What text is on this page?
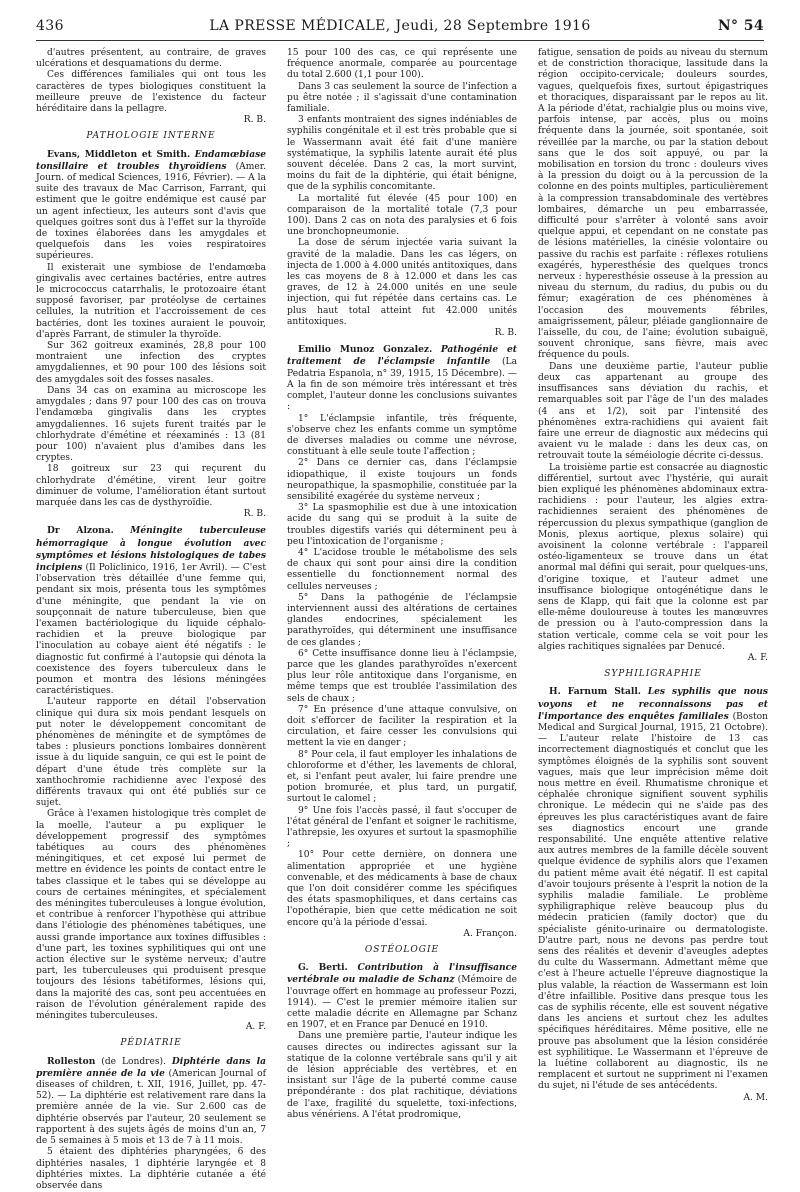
436	LA PRESSE MÉDICALE, Jeudi, 28 Septembre 1916	N° 54

d'autres présentent, au contraire, de graves ulcérations et desquamations du derme.

Ces différences familiales qui ont tous les caractères de types biologiques constituent la meilleure preuve de l'existence du facteur héréditaire dans la pellagre.

R. B.

PATHOLOGIE INTERNE

Evans, Middleton et Smith. Endamœbiase tonsillaire et troubles thyroïdiens (Amer. Journ. of medical Sciences, 1916, Février). — A la suite des travaux de Mac Carrison, Farrant, qui estiment que le goitre endémique est causé par un agent infectieux, les auteurs sont d'avis que quelques goitres sont dus à l'effet sur la thyroïde de toxines élaborées dans les amygdales et quelquefois dans les voies respiratoires supérieures.

Il existerait une symbiose de l'endamœba gingivalis avec certaines bactéries, entre autres le micrococcus catarrhalis, le protozoaire étant supposé favoriser, par protéolyse de certaines cellules, la nutrition et l'accroissement de ces bactéries, dont les toxines auraient le pouvoir, d'après Farrant, de stimuler la thyroïde.

Sur 362 goitreux examinés, 28,8 pour 100 montraient une infection des cryptes amygdaliennes, et 90 pour 100 des lésions soit des amygdales soit des fosses nasales.

Dans 34 cas on examina au microscope les amygdales ; dans 97 pour 100 des cas on trouva l'endamœba gingivalis dans les cryptes amygdaliennes. 16 sujets furent traités par le chlorhydrate d'émétine et réexaminés : 13 (81 pour 100) n'avaient plus d'amibes dans les cryptes.

18 goitreux sur 23 qui reçurent du chlorhydrate d'émétine, virent leur goitre diminuer de volume, l'amélioration étant surtout marquée dans les cas de dysthyroïdie.

R. B.

Dr Alzona. Méningite tuberculeuse hémorragique à longue évolution avec symptômes et lésions histologiques de tabes incipiens (Il Policlinico, 1916, 1er Avril). — C'est l'observation très détaillée d'une femme qui, pendant six mois, présenta tous les symptômes d'une méningite, que pendant la vie on soupçonnait de nature tuberculeuse, bien que l'examen bactériologique du liquide céphalo-rachidien et la preuve biologique par l'inoculation au cobaye aient été négatifs : le diagnostic fut confirmé à l'autopsie qui dénota la coexistence des foyers tuberculeux dans le poumon et montra des lésions méningées caractéristiques.

L'auteur rapporte en détail l'observation clinique qui dura six mois pendant lesquels on put noter le développement concomitant de phénomènes de méningite et de symptômes de tabes : plusieurs ponctions lombaires donnèrent issue à du liquide sanguin, ce qui est le point de départ d'une étude très complète sur la xanthochromie rachidienne avec l'exposé des différents travaux qui ont été publiés sur ce sujet.

Grâce à l'examen histologique très complet de la moelle, l'auteur a pu expliquer le développement progressif des symptômes tabétiques au cours des phénomènes méningitiques, et cet exposé lui permet de mettre en évidence les points de contact entre le tabes classique et le tabes qui se développe au cours de certaines méningites, et spécialement des méningites tuberculeuses à longue évolution, et contribue à renforcer l'hypothèse qui attribue dans l'étiologie des phénomènes tabétiques, une aussi grande importance aux toxines diffusibles : d'une part, les toxines syphilitiques qui ont une action élective sur le système nerveux; d'autre part, les tuberculeuses qui produisent presque toujours des lésions tabétiformes, lésions qui, dans la majorité des cas, sont peu accentuées en raison de l'évolution généralement rapide des méningites tuberculeuses.

A. F.

PÉDIATRIE

Rolleston (de Londres). Diphtérie dans la première année de la vie (American Journal of diseases of children, t. XII, 1916, Juillet, pp. 47-52). — La diphtérie est relativement rare dans la première année de la vie. Sur 2.600 cas de diphtérie observés par l'auteur, 20 seulement se rapportent à des sujets âgés de moins d'un an, 7 de 5 semaines à 5 mois et 13 de 7 à 11 mois.

5 étaient des diphtéries pharyngées, 6 des diphtéries nasales, 1 diphtérie laryngée et 8 diphtéries mixtes. La diphtérie cutanée a été observée dans

15 pour 100 des cas, ce qui représente une fréquence anormale, comparée au pourcentage du total 2.600 (1,1 pour 100).

Dans 3 cas seulement la source de l'infection a pu être notée ; il s'agissait d'une contamination familiale.

3 enfants montraient des signes indéniables de syphilis congénitale et il est très probable que si le Wassermann avait été fait d'une manière systématique, la syphilis latente aurait été plus souvent décelée. Dans 2 cas, la mort survint, moins du fait de la diphtérie, qui était bénigne, que de la syphilis concomitante.

La mortalité fut élevée (45 pour 100) en comparaison de la mortalité totale (7,3 pour 100). Dans 2 cas on nota des paralysies et 6 fois une bronchopneumonie.

La dose de sérum injectée varia suivant la gravité de la maladie. Dans les cas légers, on injecta de 1.000 à 4.000 unités antitoxiques, dans les cas moyens de 8 à 12.000 et dans les cas graves, de 12 à 24.000 unités en une seule injection, qui fut répétée dans certains cas. Le plus haut total atteint fut 42.000 unités antitoxiques.

R. B.

Emilio Munoz Gonzalez. Pathogénie et traitement de l'éclampsie infantile (La Pedatria Espanola, n° 39, 1915, 15 Décembre). — A la fin de son mémoire très intéressant et très complet, l'auteur donne les conclusions suivantes :

1° L'éclampsie infantile, très fréquente, s'observe chez les enfants comme un symptôme de diverses maladies ou comme une névrose, constituant à elle seule toute l'affection ;

2° Dans ce dernier cas, dans l'éclampsie idiopathique, il existe toujours un fonds neuropathique, la spasmophilie, constituée par la sensibilité exagérée du système nerveux ;

3° La spasmophilie est due à une intoxication acide du sang qui se produit à la suite de troubles digestifs variés qui déterminent peu à peu l'intoxication de l'organisme ;

4° L'acidose trouble le métabolisme des sels de chaux qui sont pour ainsi dire la condition essentielle du fonctionnement normal des cellules nerveuses ;

5° Dans la pathogénie de l'éclampsie interviennent aussi des altérations de certaines glandes endocrines, spécialement les parathyroïdes, qui déterminent une insuffisance de ces glandes ;

6° Cette insuffisance donne lieu à l'éclampsie, parce que les glandes parathyroïdes n'exercent plus leur rôle antitoxique dans l'organisme, en même temps que est troublée l'assimilation des sels de chaux ;

7° En présence d'une attaque convulsive, on doit s'efforcer de faciliter la respiration et la circulation, et faire cesser les convulsions qui mettent la vie en danger ;

8° Pour cela, il faut employer les inhalations de chloroforme et d'éther, les lavements de chloral, et, si l'enfant peut avaler, lui faire prendre une potion bromurée, et plus tard, un purgatif, surtout le calomel ;

9° Une fois l'accès passé, il faut s'occuper de l'état général de l'enfant et soigner le rachitisme, l'athrepsie, les oxyures et surtout la spasmophilie ;

10° Pour cette dernière, on donnera une alimentation appropriée et une hygiène convenable, et des médicaments à base de chaux que l'on doit considérer comme les spécifiques des états spasmophiliques, et dans certains cas l'opothérapie, bien que cette médication ne soit encore qu'à la période d'essai.

A. Françon.

OSTÉOLOGIE

G. Berti. Contribution à l'insuffisance vertébrale ou maladie de Schanz (Mémoire de l'ouvrage offert en hommage au professeur Pozzi, 1914). — C'est le premier mémoire italien sur cette maladie décrite en Allemagne par Schanz en 1907, et en France par Denucé en 1910.

Dans une première partie, l'auteur indique les causes directes ou indirectes agissant sur la statique de la colonne vertébrale sans qu'il y ait de lésion appréciable des vertèbres, et en insistant sur l'âge de la puberté comme cause prépondérante : dos plat rachitique, déviations de l'axe, fragilité du squelette, toxi-infections, abus vénériens. A l'état prodromique,

fatigue, sensation de poids au niveau du sternum et de constriction thoracique, lassitude dans la région occipito-cervicale; douleurs sourdes, vagues, quelquefois fixes, surtout épigastriques et thoraciques, disparaissant par le repos au lit. A la période d'état, rachialgie plus ou moins vive, parfois intense, par accès, plus ou moins fréquente dans la journée, soit spontanée, soit réveillée par la marche, ou par la station debout sans que le dos soit appuyé, ou par la mobilisation en torsion du tronc : douleurs vives à la pression du doigt ou à la percussion de la colonne en des points multiples, particulièrement à la compression transabdominale des vertèbres lombaires, démarche un peu embarrassée, difficulté pour s'arrêter à volonté sans avoir quelque appui, et cependant on ne constate pas de lésions matérielles, la cinésie volontaire ou passive du rachis est parfaite : réflexes rotuliens exagérés, hyperesthésie des quelques troncs nerveux : hyperesthésie osseuse à la pression au niveau du sternum, du radius, du pubis ou du fémur; exagération de ces phénomènes à l'occasion des mouvements fébriles, amaigrissement, pâleur, pléiade ganglionnaire de l'aisselle, du cou, de l'aine; évolution subaiguë, souvent chronique, sans fièvre, mais avec fréquence du pouls.

Dans une deuxième partie, l'auteur publie deux cas appartenant au groupe des insuffisances sans déviation du rachis, et remarquables soit par l'âge de l'un des malades (4 ans et 1/2), soit par l'intensité des phénomènes extra-rachidiens qui avaient fait faire une erreur de diagnostic aux médecins qui avaient vu le malade : dans les deux cas, on retrouvait toute la séméiologie décrite ci-dessus.

La troisième partie est consacrée au diagnostic différentiel, surtout avec l'hystérie, qui aurait bien expliqué les phénomènes abdominaux extra-rachidiens : pour l'auteur, les algies extra-rachidiennes seraient des phénomènes de répercussion du plexus sympathique (ganglion de Monis, plexus aortique, plexus solaire) qui avoisinent la colonne vertébrale : l'appareil ostéo-ligamenteux se trouve dans un état anormal mal défini qui serait, pour quelques-uns, d'origine toxique, et l'auteur admet une insuffisance biologique ontogénétique dans le sens de Klapp, qui fait que la colonne est par elle-même douloureuse à toutes les manœuvres de pression ou à l'auto-compression dans la station verticale, comme cela se voit pour les algies rachitiques signalées par Denucé.

A. F.

SYPHILIGRAPHIE

H. Farnum Stall. Les syphilis que nous voyons et ne reconnaissons pas et l'importance des enquêtes familiales (Boston Medical and Surgical Journal, 1915, 21 Octobre). — L'auteur relate l'histoire de 13 cas incorrectement diagnostiqués et conclut que les symptômes éloignés de la syphilis sont souvent vagues, mais que leur imprécision même doit nous mettre en éveil. Rhumatisme chronique et céphalée chronique signifient souvent syphilis chronique. Le médecin qui ne s'aide pas des épreuves les plus caractéristiques avant de faire ses diagnostics encourt une grande responsabilité. Une enquête attentive relative aux autres membres de la famille décèle souvent quelque évidence de syphilis alors que l'examen du patient même avait été négatif. Il est capital d'avoir toujours présente à l'esprit la notion de la syphilis maladie familiale. Le problème syphiligraphique relève beaucoup plus du médecin praticien (family doctor) que du spécialiste génito-urinaire ou dermatologiste. D'autre part, nous ne devons pas perdre tout sens des réalités et devenir d'aveugles adeptes du culte du Wassermann. Admettant même que c'est à l'heure actuelle l'épreuve diagnostique la plus valable, la réaction de Wassermann est loin d'être infaillible. Positive dans presque tous les cas de syphilis récente, elle est souvent négative dans les anciens et surtout chez les adultes spécifiques héréditaires. Même positive, elle ne prouve pas absolument que la lésion considérée est syphilitique. Le Wassermann et l'épreuve de la luétine collaborent au diagnostic, ils ne remplacent et surtout ne suppriment ni l'examen du sujet, ni l'étude de ses antécédents.

A. M.
